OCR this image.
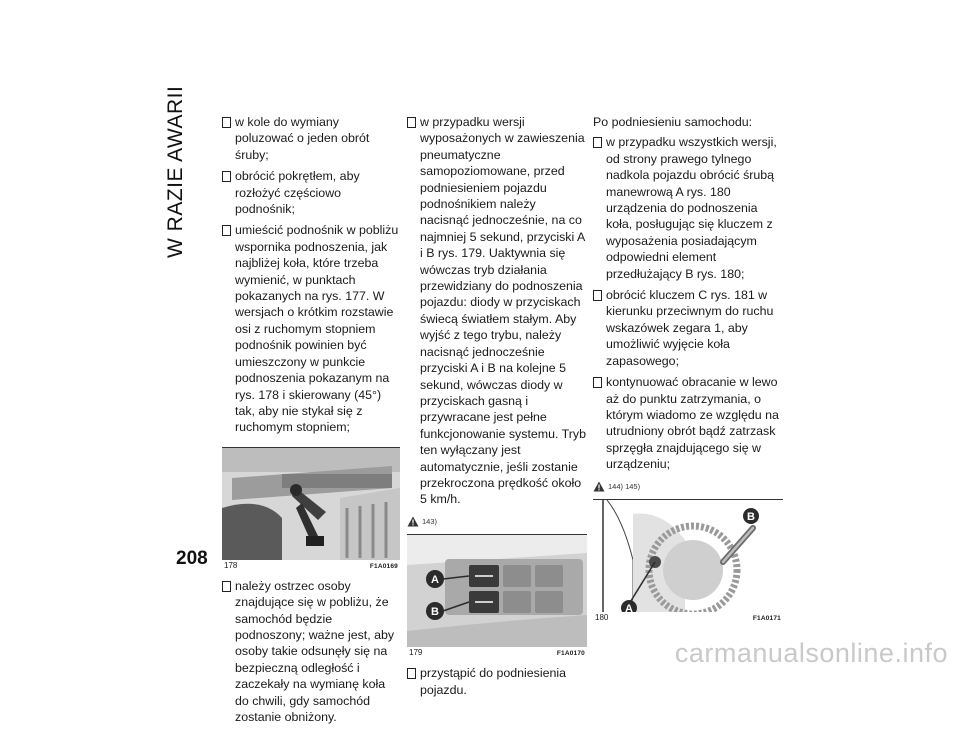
W RAZIE AWARII	w kole do wymiany poluzować o jeden obrót śruby;

obrócić pokrętłem, aby rozłożyć częściowo podnośnik;

umieścić podnośnik w pobliżu wspornika podnoszenia, jak najbliżej koła, które trzeba wymienić, w punktach pokazanych na rys. 177. W wersjach o krótkim rozstawie osi z ruchomym stopniem podnośnik powinien być umieszczony w punkcie podnoszenia pokazanym na rys. 178 i skierowany (45°) tak, aby nie stykał się z ruchomym stopniem;

178	F1A0169

należy ostrzec osoby znajdujące się w pobliżu, że samochód będzie podnoszony; ważne jest, aby osoby takie odsunęły się na bezpieczną odległość i zaczekały na wymianę koła do chwili, gdy samochód zostanie obniżony.

w przypadku wersji wyposażonych w zawieszenia pneumatyczne samopoziomowane, przed podniesieniem pojazdu podnośnikiem należy nacisnąć jednocześnie, na co najmniej 5 sekund, przyciski A i B rys. 179. Uaktywnia się wówczas tryb działania przewidziany do podnoszenia pojazdu: diody w przyciskach świecą światłem stałym. Aby wyjść z tego trybu, należy nacisnąć jednocześnie przyciski A i B na kolejne 5 sekund, wówczas diody w przyciskach gasną i przywracane jest pełne funkcjonowanie systemu. Tryb ten wyłączany jest automatycznie, jeśli zostanie przekroczona prędkość około 5 km/h.

143)
A
B
179	F1A0170

przystąpić do podniesienia pojazdu.

Po podniesieniu samochodu:

w przypadku wszystkich wersji, od strony prawego tylnego nadkola pojazdu obrócić śrubą manewrową A rys. 180 urządzenia do podnoszenia koła, posługując się kluczem z wyposażenia posiadającym odpowiedni element przedłużający B rys. 180;

obrócić kluczem C rys. 181 w kierunku przeciwnym do ruchu wskazówek zegara 1, aby umożliwić wyjęcie koła zapasowego;

kontynuować obracanie w lewo aż do punktu zatrzymania, o którym wiadomo ze względu na utrudniony obrót bądź zatrzask sprzęgła znajdującego się w urządzeniu;

144) 145)
A
B
180	F1A0171
208
carmanualsonline.info
